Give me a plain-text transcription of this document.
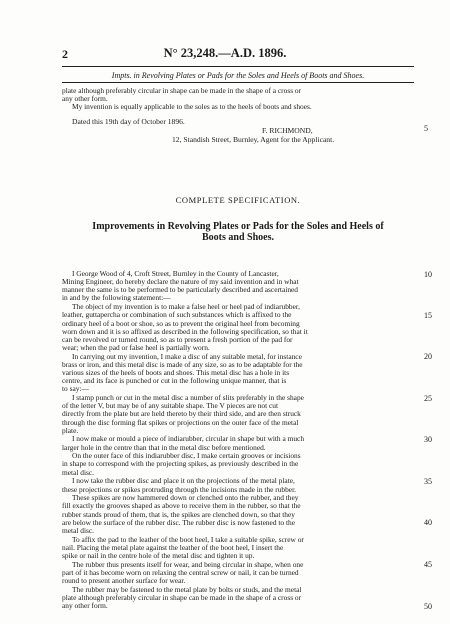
2	N° 23,248.—A.D. 1896.
Impts. in Revolving Plates or Pads for the Soles and Heels of Boots and Shoes.
plate although preferably circular in shape can be made in the shape of a cross or
any other form.
My invention is equally applicable to the soles as to the heels of boots and shoes.
Dated this 19th day of October 1896.
F. RICHMOND,
12, Standish Street, Burnley, Agent for the Applicant.
5
COMPLETE SPECIFICATION.
Improvements in Revolving Plates or Pads for the Soles and Heels of
Boots and Shoes.
I George Wood of 4, Croft Street, Burnley in the County of Lancaster,	10
Mining Engineer, do hereby declare the nature of my said invention and in what
manner the same is to be performed to be particularly described and ascertained
in and by the following statement:—
The object of my invention is to make a false heel or heel pad of indiarubber,
leather, guttapercha or combination of such substances which is affixed to the	15
ordinary heel of a boot or shoe, so as to prevent the original heel from becoming
worn down and it is so affixed as described in the following specification, so that it
can be revolved or turned round, so as to present a fresh portion of the pad for
wear; when the pad or false heel is partially worn.
In carrying out my invention, I make a disc of any suitable metal, for instance	20
brass or iron, and this metal disc is made of any size, so as to be adaptable for the
various sizes of the heels of boots and shoes. This metal disc has a hole in its
centre, and its face is punched or cut in the following unique manner, that is
to say:—
I stamp punch or cut in the metal disc a number of slits preferably in the shape	25
of the letter V, but may be of any suitable shape. The V pieces are not cut
directly from the plate but are held thereto by their third side, and are then struck
through the disc forming flat spikes or projections on the outer face of the metal
plate.
I now make or mould a piece of indiarubber, circular in shape but with a much	30
larger hole in the centre than that in the metal disc before mentioned.
On the outer face of this indiarubber disc, I make certain grooves or incisions
in shape to correspond with the projecting spikes, as previously described in the
metal disc.
I now take the rubber disc and place it on the projections of the metal plate,	35
these projections or spikes protruding through the incisions made in the rubber.
These spikes are now hammered down or clenched onto the rubber, and they
fill exactly the grooves shaped as above to receive them in the rubber, so that the
rubber stands proud of them, that is, the spikes are clenched down, so that they
are below the surface of the rubber disc. The rubber disc is now fastened to the	40
metal disc.
To affix the pad to the leather of the boot heel, I take a suitable spike, screw or
nail. Placing the metal plate against the leather of the boot heel, I insert the
spike or nail in the centre hole of the metal disc and tighten it up.
The rubber thus presents itself for wear, and being circular in shape, when one	45
part of it has become worn on relaxing the central screw or nail, it can be turned
round to present another surface for wear.
The rubber may be fastened to the metal plate by bolts or studs, and the metal
plate although preferably circular in shape can be made in the shape of a cross or
any other form.	50
